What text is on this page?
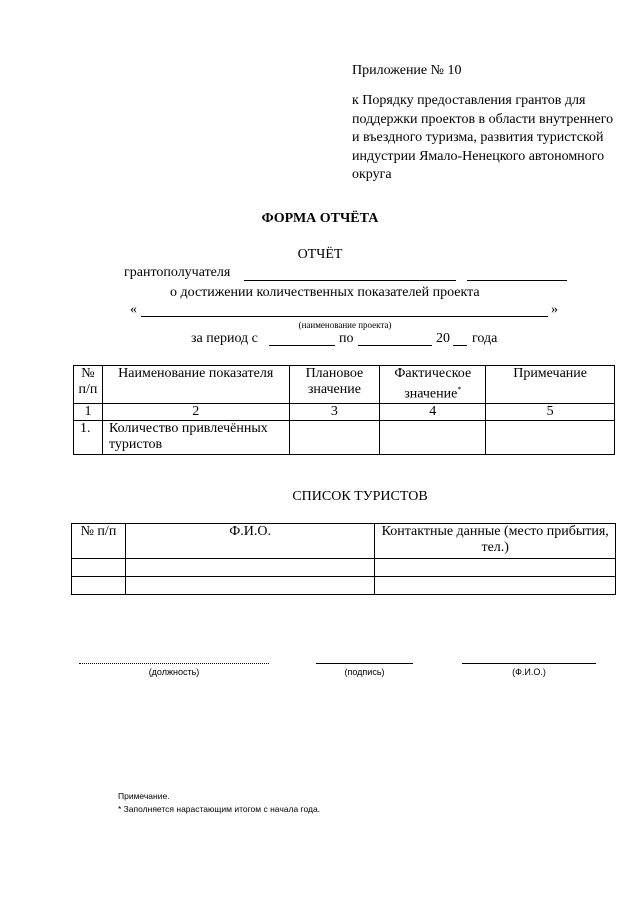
Приложение № 10
к Порядку предоставления грантов для поддержки проектов в области внутреннего и въездного туризма, развития туристской индустрии Ямало-Ненецкого автономного округа
ФОРМА ОТЧЁТА
ОТЧЁТ
грантополучателя
о достижении количественных показателей проекта
«	»
(наименование проекта)
за период с	по	20 года
№ п/п	Наименование показателя	Плановое значение	Фактическое значение*	Примечание
1	2	3	4	5
1.	Количество привлечённых туристов			
СПИСОК ТУРИСТОВ
№ п/п	Ф.И.О.	Контактные данные (место прибытия, тел.)

(должность)	(подпись)	(Ф.И.О.)
Примечание.
* Заполняется нарастающим итогом с начала года.
